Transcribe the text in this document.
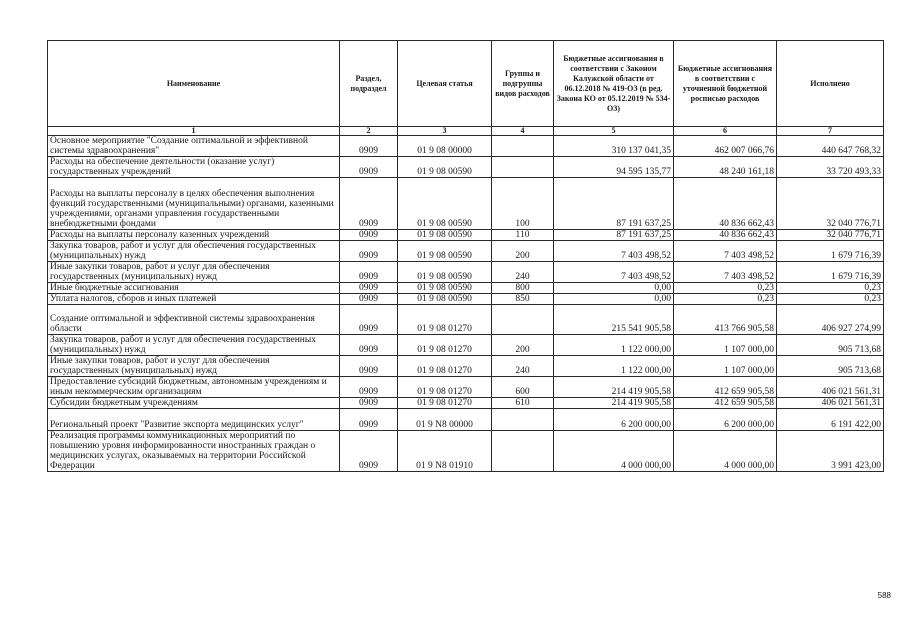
Наименование	Раздел, подраздел	Целевая статья	Группы и подгруппы видов расходов	Бюджетные ассигнования в соответствии с Законом Калужской области от 06.12.2018 № 419-ОЗ (в ред. Закона КО от 05.12.2019 № 534-ОЗ)	Бюджетные ассигнования в соответствии с уточненной бюджетной росписью расходов	Исполнено
1	2	3	4	5	6	7
Основное мероприятие "Создание оптимальной и эффективной системы здравоохранения"	0909	01 9 08 00000		310 137 041,35	462 007 066,76	440 647 768,32
Расходы на обеспечение деятельности (оказание услуг) государственных учреждений	0909	01 9 08 00590		94 595 135,77	48 240 161,18	33 720 493,33
Расходы на выплаты персоналу в целях обеспечения выполнения функций государственными (муниципальными) органами, казенными учреждениями, органами управления государственными внебюджетными фондами	0909	01 9 08 00590	100	87 191 637,25	40 836 662,43	32 040 776,71
Расходы на выплаты персоналу казенных учреждений	0909	01 9 08 00590	110	87 191 637,25	40 836 662,43	32 040 776,71
Закупка товаров, работ и услуг для обеспечения государственных (муниципальных) нужд	0909	01 9 08 00590	200	7 403 498,52	7 403 498,52	1 679 716,39
Иные закупки товаров, работ и услуг для обеспечения государственных (муниципальных) нужд	0909	01 9 08 00590	240	7 403 498,52	7 403 498,52	1 679 716,39
Иные бюджетные ассигнования	0909	01 9 08 00590	800	0,00	0,23	0,23
Уплата налогов, сборов и иных платежей	0909	01 9 08 00590	850	0,00	0,23	0,23
Создание оптимальной и эффективной системы здравоохранения области	0909	01 9 08 01270		215 541 905,58	413 766 905,58	406 927 274,99
Закупка товаров, работ и услуг для обеспечения государственных (муниципальных) нужд	0909	01 9 08 01270	200	1 122 000,00	1 107 000,00	905 713,68
Иные закупки товаров, работ и услуг для обеспечения государственных (муниципальных) нужд	0909	01 9 08 01270	240	1 122 000,00	1 107 000,00	905 713,68
Предоставление субсидий бюджетным, автономным учреждениям и иным некоммерческим организациям	0909	01 9 08 01270	600	214 419 905,58	412 659 905,58	406 021 561,31
Субсидии бюджетным учреждениям	0909	01 9 08 01270	610	214 419 905,58	412 659 905,58	406 021 561,31
Региональный проект "Развитие экспорта медицинских услуг"	0909	01 9 N8 00000		6 200 000,00	6 200 000,00	6 191 422,00
Реализация программы коммуникационных мероприятий по повышению уровня информированности иностранных граждан о медицинских услугах, оказываемых на территории Российской Федерации	0909	01 9 N8 01910		4 000 000,00	4 000 000,00	3 991 423,00
588
